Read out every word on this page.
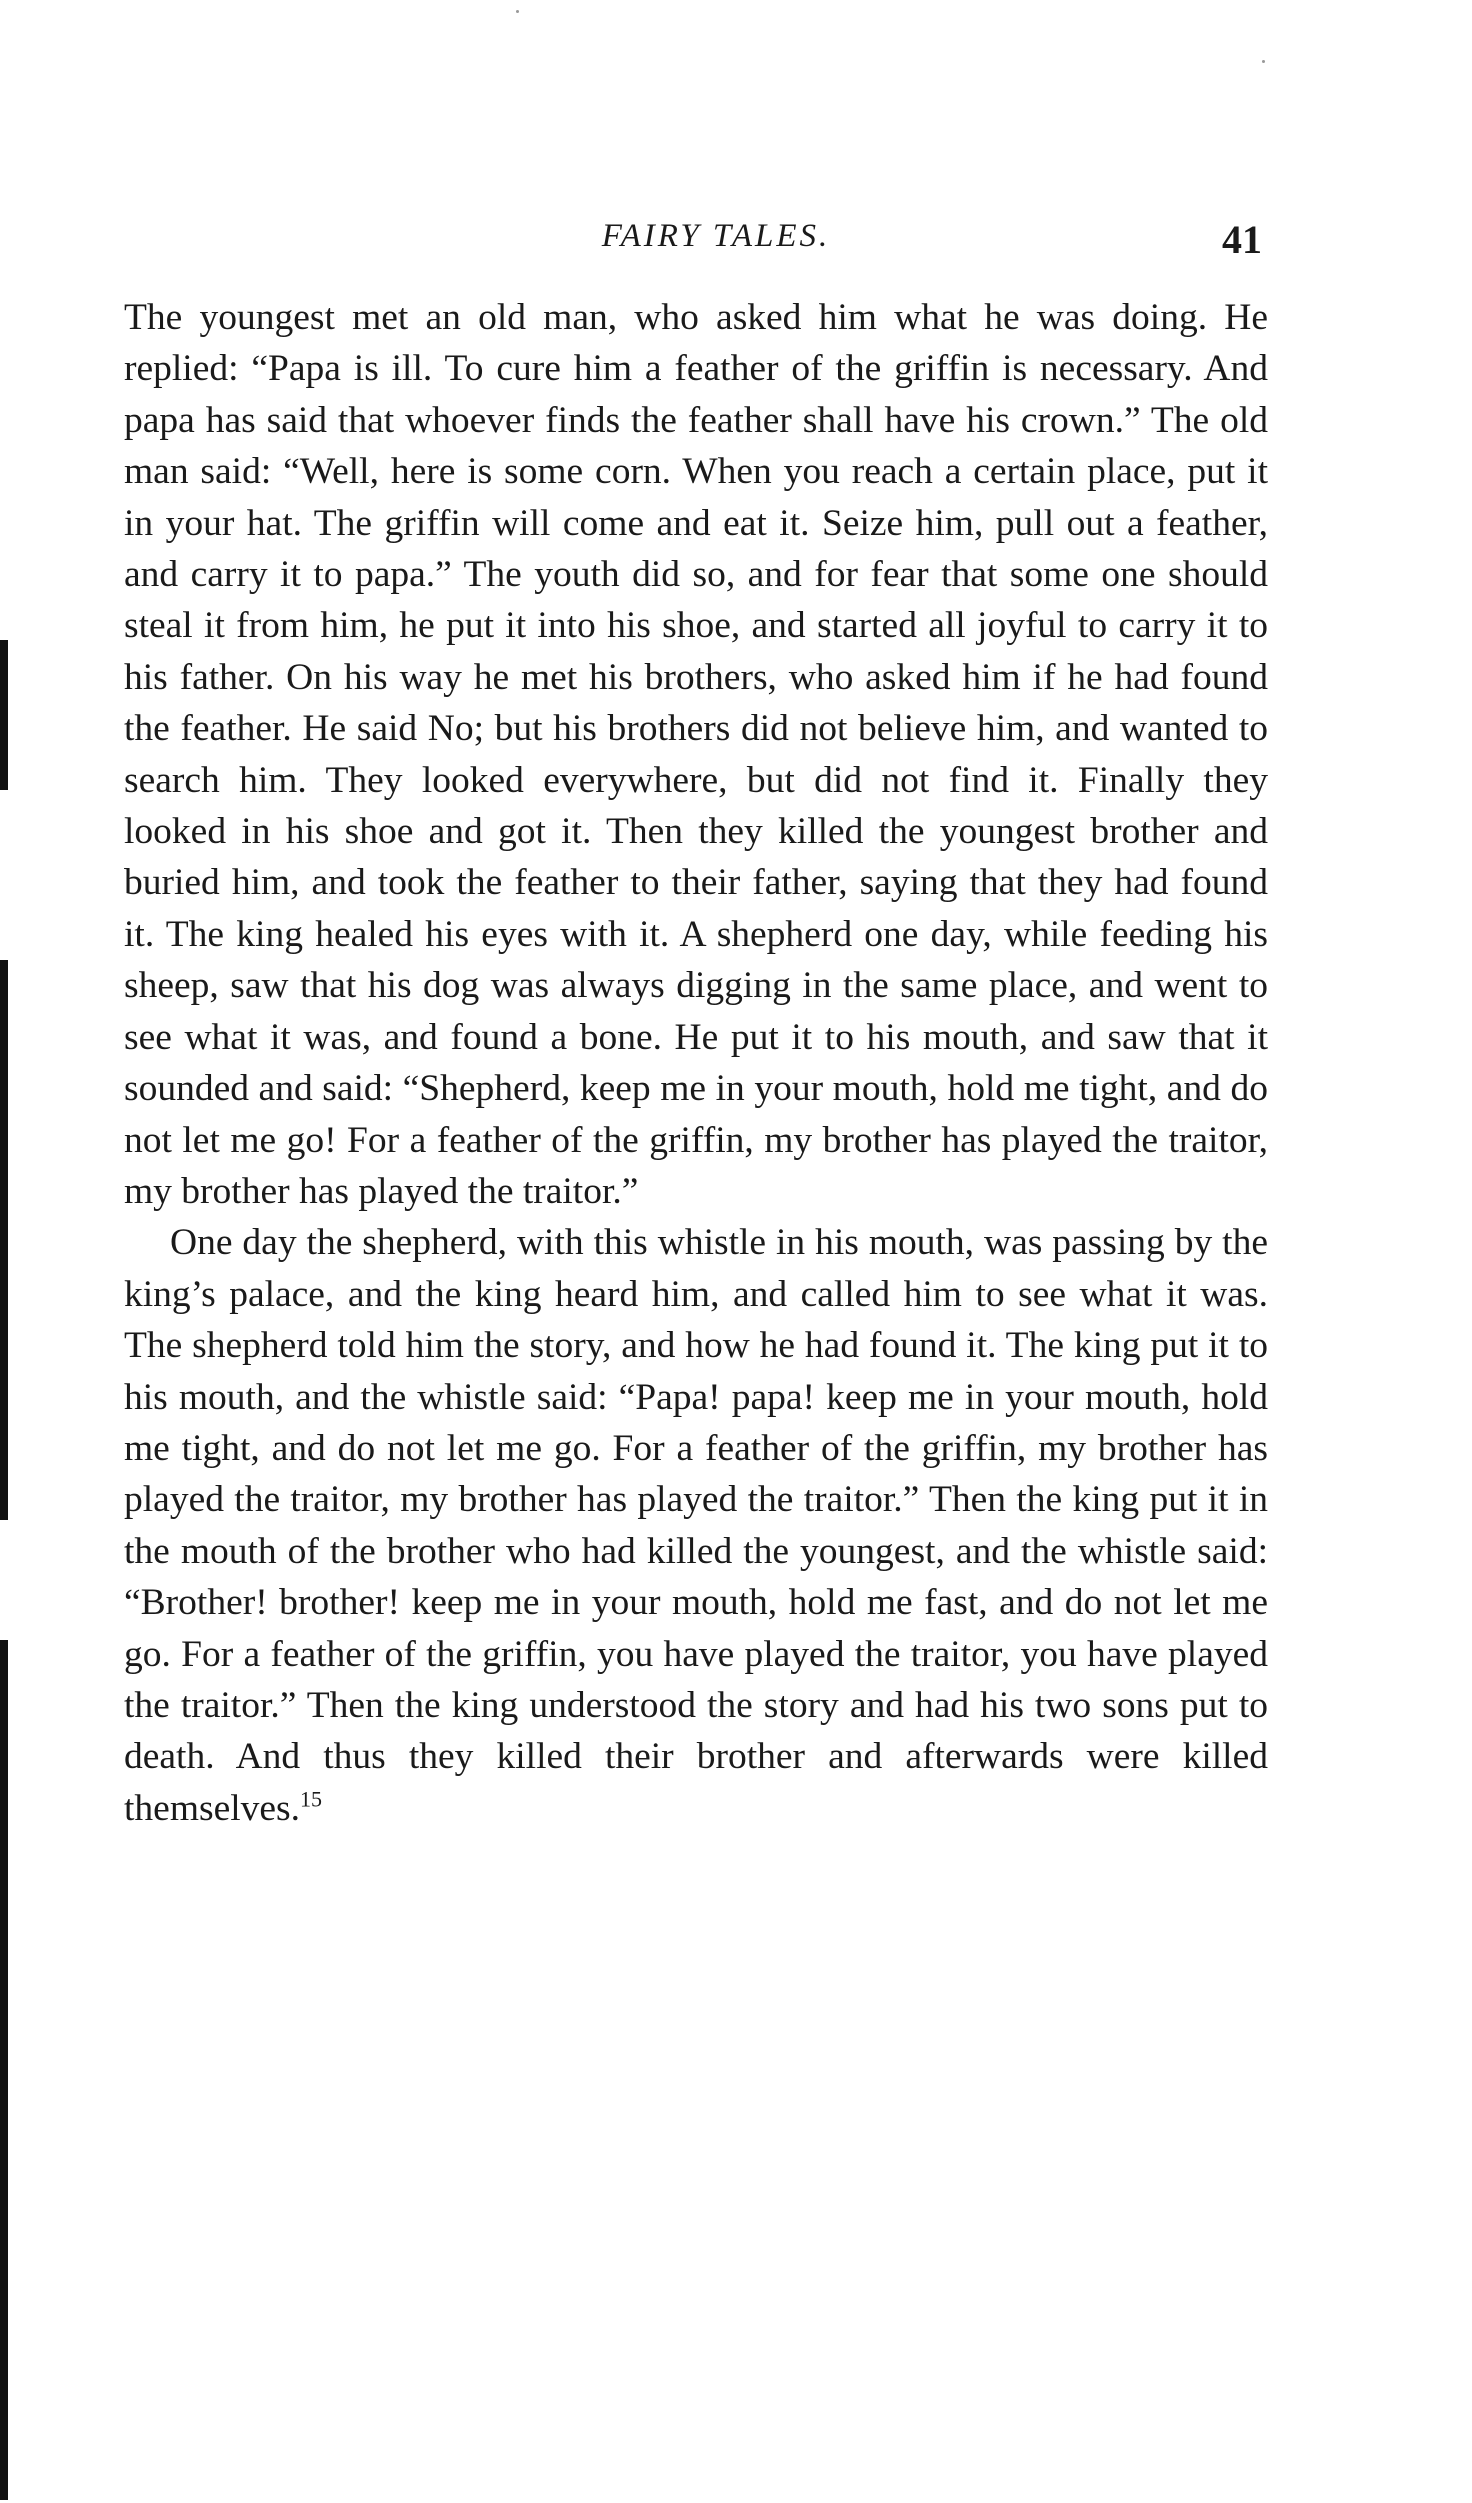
FAIRY TALES.	41

The youngest met an old man, who asked him what he was doing. He replied: “Papa is ill. To cure him a feather of the griffin is necessary. And papa has said that whoever finds the feather shall have his crown.” The old man said: “Well, here is some corn. When you reach a certain place, put it in your hat. The griffin will come and eat it. Seize him, pull out a feather, and carry it to papa.” The youth did so, and for fear that some one should steal it from him, he put it into his shoe, and started all joyful to carry it to his father. On his way he met his brothers, who asked him if he had found the feather. He said No; but his brothers did not believe him, and wanted to search him. They looked everywhere, but did not find it. Finally they looked in his shoe and got it. Then they killed the youngest brother and buried him, and took the feather to their father, saying that they had found it. The king healed his eyes with it. A shepherd one day, while feeding his sheep, saw that his dog was always digging in the same place, and went to see what it was, and found a bone. He put it to his mouth, and saw that it sounded and said: “Shepherd, keep me in your mouth, hold me tight, and do not let me go! For a feather of the griffin, my brother has played the traitor, my brother has played the traitor.”

One day the shepherd, with this whistle in his mouth, was passing by the king’s palace, and the king heard him, and called him to see what it was. The shepherd told him the story, and how he had found it. The king put it to his mouth, and the whistle said: “Papa! papa! keep me in your mouth, hold me tight, and do not let me go. For a feather of the griffin, my brother has played the traitor, my brother has played the traitor.” Then the king put it in the mouth of the brother who had killed the youngest, and the whistle said: “Brother! brother! keep me in your mouth, hold me fast, and do not let me go. For a feather of the griffin, you have played the traitor, you have played the traitor.” Then the king understood the story and had his two sons put to death. And thus they killed their brother and afterwards were killed themselves.$^{15}$
